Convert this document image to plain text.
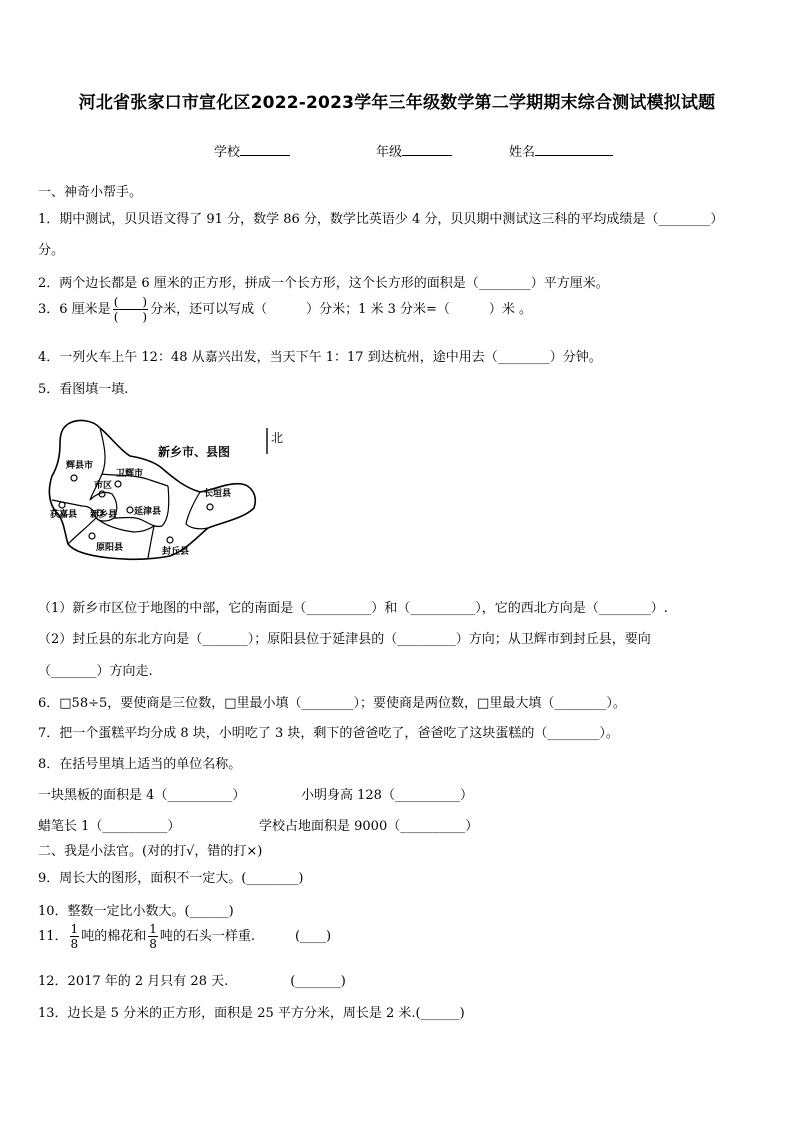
河北省张家口市宣化区2022-2023学年三年级数学第二学期期末综合测试模拟试题
学校	年级	姓名
一、神奇小帮手。
1．期中测试，贝贝语文得了 91 分，数学 86 分，数学比英语少 4 分，贝贝期中测试这三科的平均成绩是（________）
分。
2．两个边长都是 6 厘米的正方形，拼成一个长方形，这个长方形的面积是（________）平方厘米。
3．6 厘米是 $\frac{( )}{( )}$ 分米，还可以写成（　　　）分米；1 米 3 分米=（　　　）米 。
4．一列火车上午 12：48 从嘉兴出发，当天下午 1：17 到达杭州，途中用去（________）分钟。
5．看图填一填.
新乡市、县图
北
辉县市
卫辉市
市区
获嘉县 新乡县 延津县
长垣县
原阳县	封丘县
（1）新乡市区位于地图的中部，它的南面是（__________）和（__________），它的西北方向是（________）.
（2）封丘县的东北方向是（_______）；原阳县位于延津县的（_________）方向；从卫辉市到封丘县，要向
（_______）方向走.
6．□58÷5，要使商是三位数，□里最小填（________）；要使商是两位数，□里最大填（________）。
7．把一个蛋糕平均分成 8 块，小明吃了 3 块，剩下的爸爸吃了，爸爸吃了这块蛋糕的（________）。
8．在括号里填上适当的单位名称。
一块黑板的面积是 4（__________）	小明身高 128（__________）
蜡笔长 1（__________）	学校占地面积是 9000（__________）
二、我是小法官。(对的打√，错的打×)
9．周长大的图形，面积不一定大。(________)
10．整数一定比小数大。(______)
11． $\frac{1}{8}$ 吨的棉花和 $\frac{1}{8}$ 吨的石头一样重.	(____)
12．2017 年的 2 月只有 28 天.	(_______)
13．边长是 5 分米的正方形，面积是 25 平方分米，周长是 2 米.(______)
